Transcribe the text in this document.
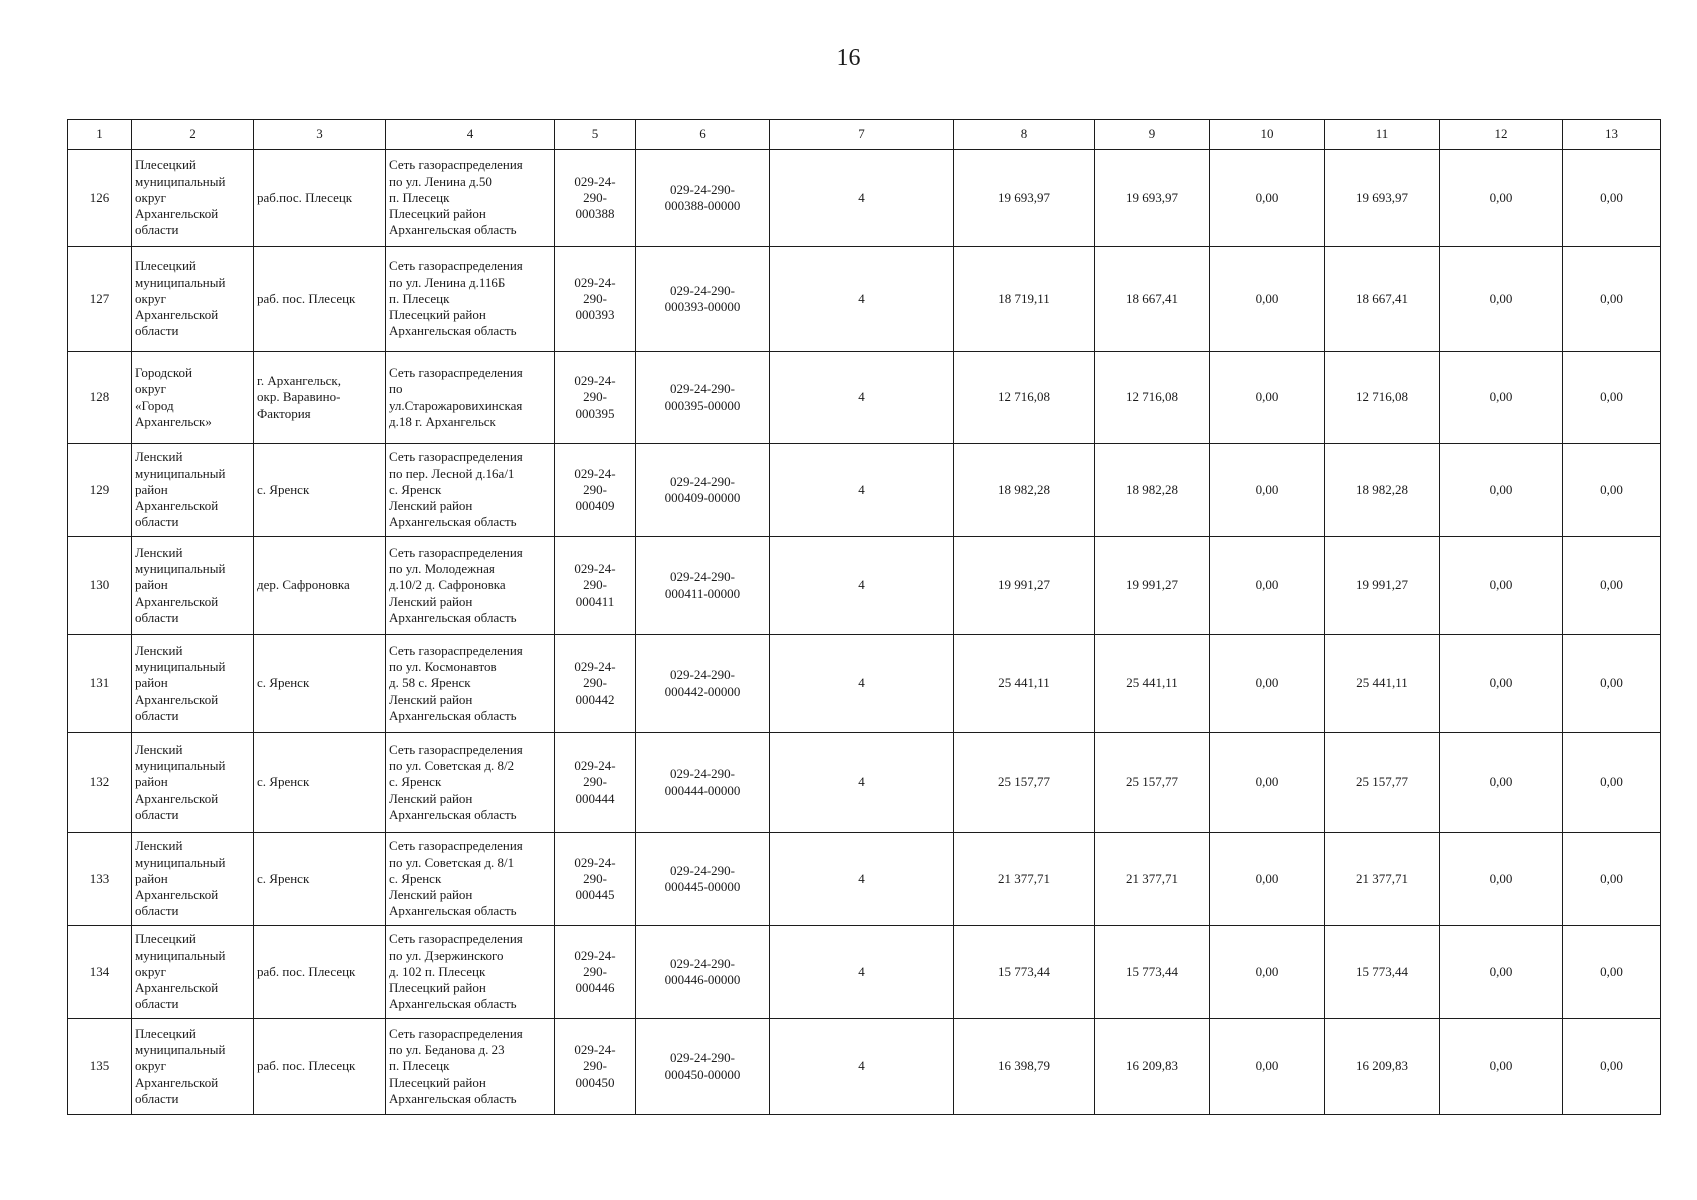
16
1	2	3	4	5	6	7	8	9	10	11	12	13
126	Плесецкий
муниципальный
округ
Архангельской
области	раб.пос. Плесецк	Сеть газораспределения
по ул. Ленина д.50
п. Плесецк
Плесецкий район
Архангельская область	029-24-
290-
000388	029-24-290-
000388-00000	4	19 693,97	19 693,97	0,00	19 693,97	0,00	0,00
127	Плесецкий
муниципальный
округ
Архангельской
области	раб. пос. Плесецк	Сеть газораспределения
по ул. Ленина д.116Б
п. Плесецк
Плесецкий район
Архангельская область	029-24-
290-
000393	029-24-290-
000393-00000	4	18 719,11	18 667,41	0,00	18 667,41	0,00	0,00
128	Городской
округ
«Город
Архангельск»	г. Архангельск,
окр. Варавино-
Фактория	Сеть газораспределения
по
ул.Старожаровихинская
д.18 г. Архангельск	029-24-
290-
000395	029-24-290-
000395-00000	4	12 716,08	12 716,08	0,00	12 716,08	0,00	0,00
129	Ленский
муниципальный
район
Архангельской
области	с. Яренск	Сеть газораспределения
по пер. Лесной д.16а/1
с. Яренск
Ленский район
Архангельская область	029-24-
290-
000409	029-24-290-
000409-00000	4	18 982,28	18 982,28	0,00	18 982,28	0,00	0,00
130	Ленский
муниципальный
район
Архангельской
области	дер. Сафроновка	Сеть газораспределения
по ул. Молодежная
д.10/2 д. Сафроновка
Ленский район
Архангельская область	029-24-
290-
000411	029-24-290-
000411-00000	4	19 991,27	19 991,27	0,00	19 991,27	0,00	0,00
131	Ленский
муниципальный
район
Архангельской
области	с. Яренск	Сеть газораспределения
по ул. Космонавтов
д. 58 с. Яренск
Ленский район
Архангельская область	029-24-
290-
000442	029-24-290-
000442-00000	4	25 441,11	25 441,11	0,00	25 441,11	0,00	0,00
132	Ленский
муниципальный
район
Архангельской
области	с. Яренск	Сеть газораспределения
по ул. Советская д. 8/2
с. Яренск
Ленский район
Архангельская область	029-24-
290-
000444	029-24-290-
000444-00000	4	25 157,77	25 157,77	0,00	25 157,77	0,00	0,00
133	Ленский
муниципальный
район
Архангельской
области	с. Яренск	Сеть газораспределения
по ул. Советская д. 8/1
с. Яренск
Ленский район
Архангельская область	029-24-
290-
000445	029-24-290-
000445-00000	4	21 377,71	21 377,71	0,00	21 377,71	0,00	0,00
134	Плесецкий
муниципальный
округ
Архангельской
области	раб. пос. Плесецк	Сеть газораспределения
по ул. Дзержинского
д. 102 п. Плесецк
Плесецкий район
Архангельская область	029-24-
290-
000446	029-24-290-
000446-00000	4	15 773,44	15 773,44	0,00	15 773,44	0,00	0,00
135	Плесецкий
муниципальный
округ
Архангельской
области	раб. пос. Плесецк	Сеть газораспределения
по ул. Беданова д. 23
п. Плесецк
Плесецкий район
Архангельская область	029-24-
290-
000450	029-24-290-
000450-00000	4	16 398,79	16 209,83	0,00	16 209,83	0,00	0,00
